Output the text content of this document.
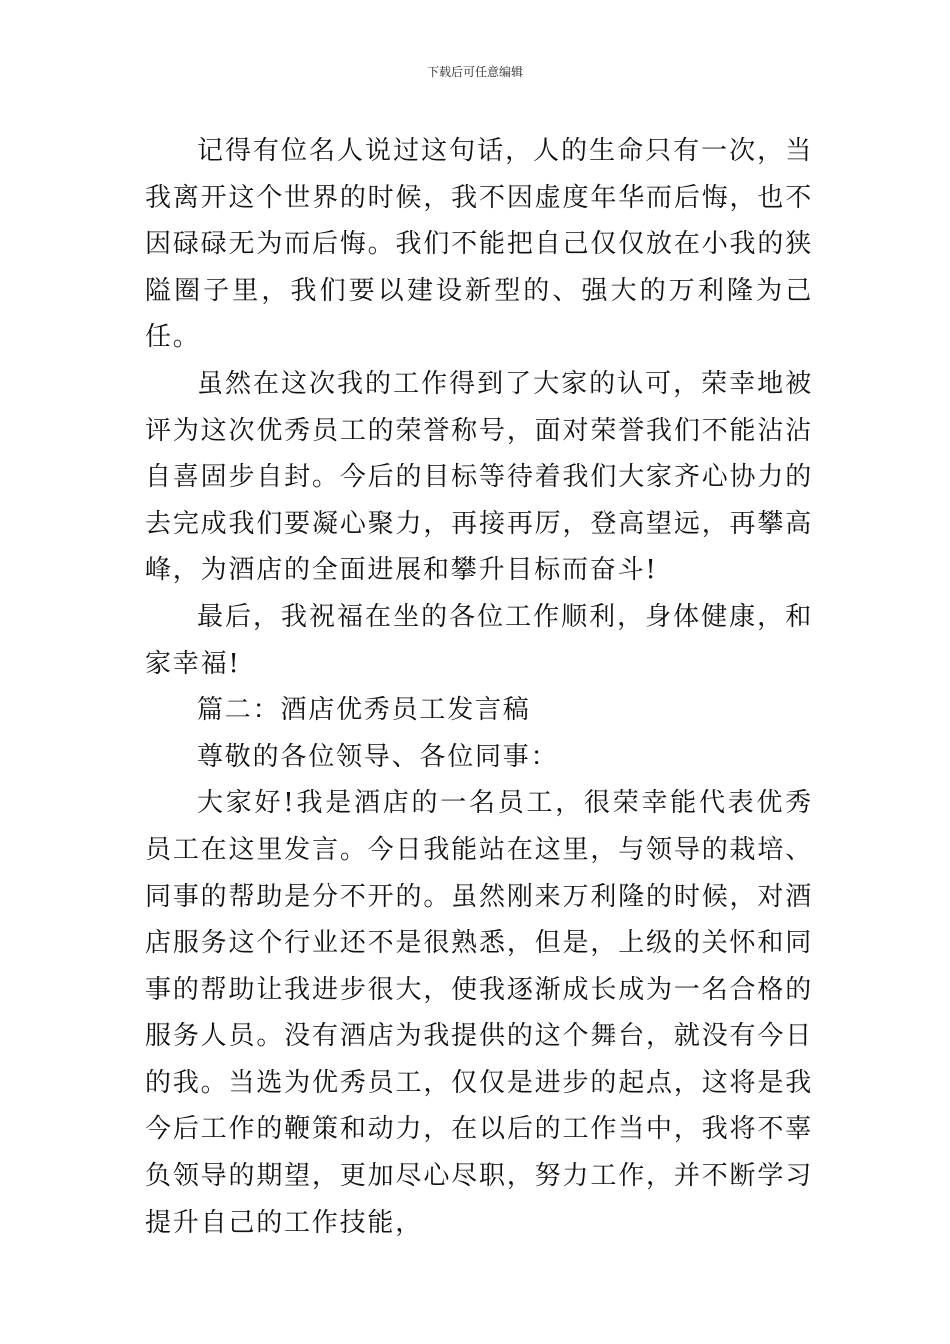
下载后可任意编辑

记得有位名人说过这句话，人的生命只有一次，当我离开这个世界的时候，我不因虚度年华而后悔，也不因碌碌无为而后悔。我们不能把自己仅仅放在小我的狭隘圈子里，我们要以建设新型的、强大的万利隆为己任。

虽然在这次我的工作得到了大家的认可，荣幸地被评为这次优秀员工的荣誉称号，面对荣誉我们不能沾沾自喜固步自封。今后的目标等待着我们大家齐心协力的去完成我们要凝心聚力，再接再厉，登高望远，再攀高峰，为酒店的全面进展和攀升目标而奋斗!

最后，我祝福在坐的各位工作顺利，身体健康，和家幸福!

篇二：酒店优秀员工发言稿

尊敬的各位领导、各位同事：

大家好!我是酒店的一名员工，很荣幸能代表优秀员工在这里发言。今日我能站在这里，与领导的栽培、同事的帮助是分不开的。虽然刚来万利隆的时候，对酒店服务这个行业还不是很熟悉，但是，上级的关怀和同事的帮助让我进步很大，使我逐渐成长成为一名合格的服务人员。没有酒店为我提供的这个舞台，就没有今日的我。当选为优秀员工，仅仅是进步的起点，这将是我今后工作的鞭策和动力，在以后的工作当中，我将不辜负领导的期望，更加尽心尽职，努力工作，并不断学习提升自己的工作技能，
